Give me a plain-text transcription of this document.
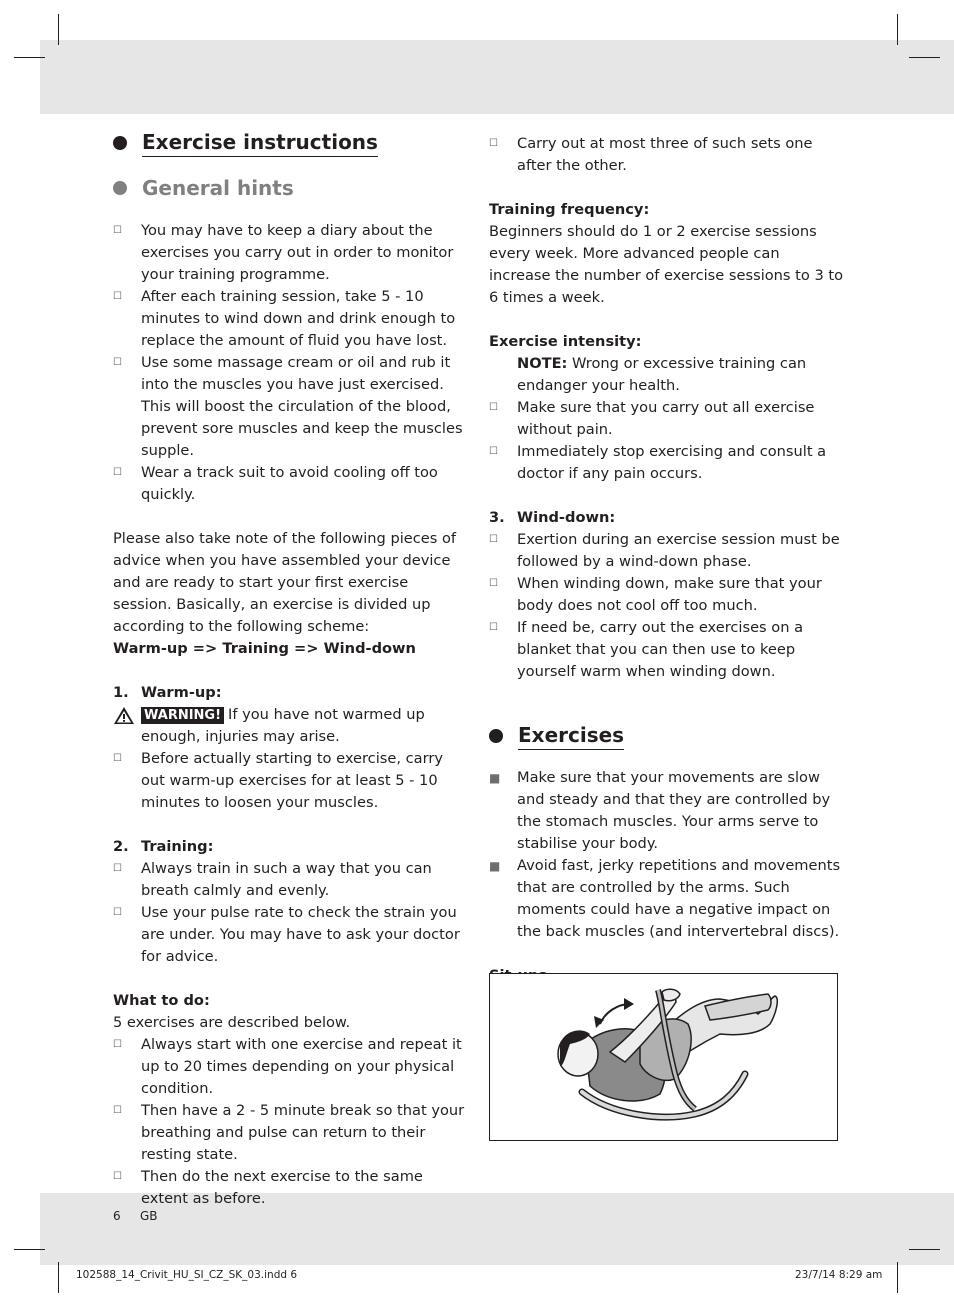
Exercise instructions
General hints
☐	You may have to keep a diary about the exercises you carry out in order to monitor your training programme.
☐	After each training session, take 5 - 10 minutes to wind down and drink enough to replace the amount of fluid you have lost.
☐	Use some massage cream or oil and rub it into the muscles you have just exercised. This will boost the circulation of the blood, prevent sore muscles and keep the muscles supple.
☐	Wear a track suit to avoid cooling off too quickly.

Please also take note of the following pieces of advice when you have assembled your device and are ready to start your first exercise session. Basically, an exercise is divided up according to the following scheme:

Warm-up => Training => Wind-down

1. Warm-up:
WARNING! If you have not warmed up enough, injuries may arise.
☐	Before actually starting to exercise, carry out warm-up exercises for at least 5 - 10 minutes to loosen your muscles.
2. Training:
☐	Always train in such a way that you can breath calmly and evenly.
☐	Use your pulse rate to check the strain you are under. You may have to ask your doctor for advice.

What to do:

5 exercises are described below.

☐	Always start with one exercise and repeat it up to 20 times depending on your physical condition.
☐	Then have a 2 - 5 minute break so that your breathing and pulse can return to their resting state.
☐	Then do the next exercise to the same extent as before.
☐	Carry out at most three of such sets one after the other.

Training frequency:

Beginners should do 1 or 2 exercise sessions every week. More advanced people can increase the number of exercise sessions to 3 to 6 times a week.

Exercise intensity:

NOTE: Wrong or excessive training can endanger your health.

☐	Make sure that you carry out all exercise without pain.
☐	Immediately stop exercising and consult a doctor if any pain occurs.
3. Wind-down:
☐	Exertion during an exercise session must be followed by a wind-down phase.
☐	When winding down, make sure that your body does not cool off too much.
☐	If need be, carry out the exercises on a blanket that you can then use to keep yourself warm when winding down.
Exercises
■	Make sure that your movements are slow and steady and that they are controlled by the stomach muscles. Your arms serve to stabilise your body.
■	Avoid fast, jerky repetitions and movements that are controlled by the arms. Such moments could have a negative impact on the back muscles (and intervertebral discs).

6 GB
102588_14_Crivit_HU_SI_CZ_SK_03.indd 6	23/7/14 8:29 am
